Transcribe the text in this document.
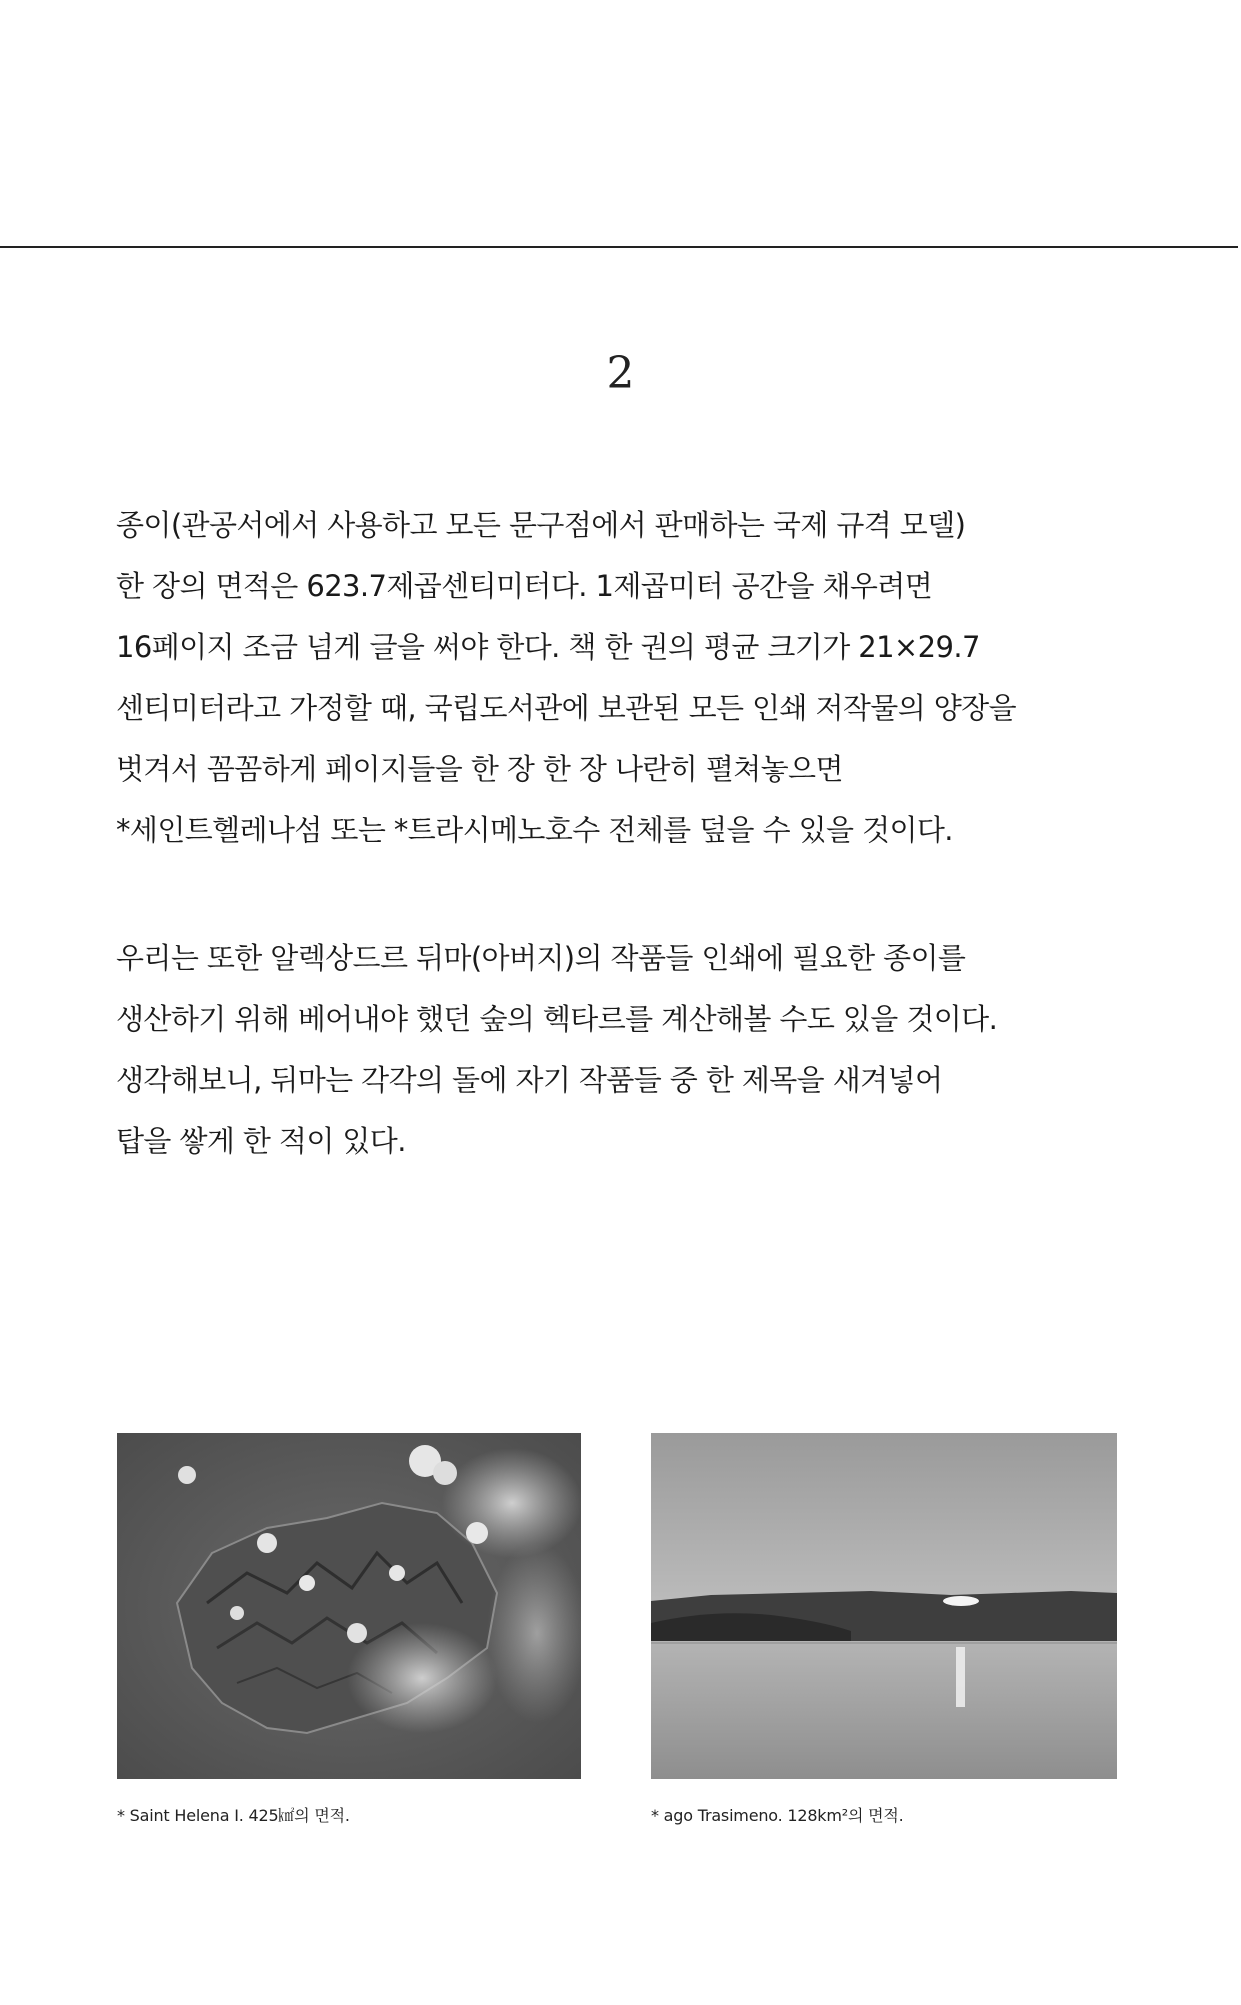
2
종이(관공서에서 사용하고 모든 문구점에서 판매하는 국제 규격 모델)
한 장의 면적은 623.7제곱센티미터다. 1제곱미터 공간을 채우려면
16페이지 조금 넘게 글을 써야 한다. 책 한 권의 평균 크기가 21×29.7
센티미터라고 가정할 때, 국립도서관에 보관된 모든 인쇄 저작물의 양장을
벗겨서 꼼꼼하게 페이지들을 한 장 한 장 나란히 펼쳐놓으면
*세인트헬레나섬 또는 *트라시메노호수 전체를 덮을 수 있을 것이다.
우리는 또한 알렉상드르 뒤마(아버지)의 작품들 인쇄에 필요한 종이를
생산하기 위해 베어내야 했던 숲의 헥타르를 계산해볼 수도 있을 것이다.
생각해보니, 뒤마는 각각의 돌에 자기 작품들 중 한 제목을 새겨넣어
탑을 쌓게 한 적이 있다.
* Saint Helena I. 425㎢의 면적.	* ago Trasimeno. 128km²의 면적.
